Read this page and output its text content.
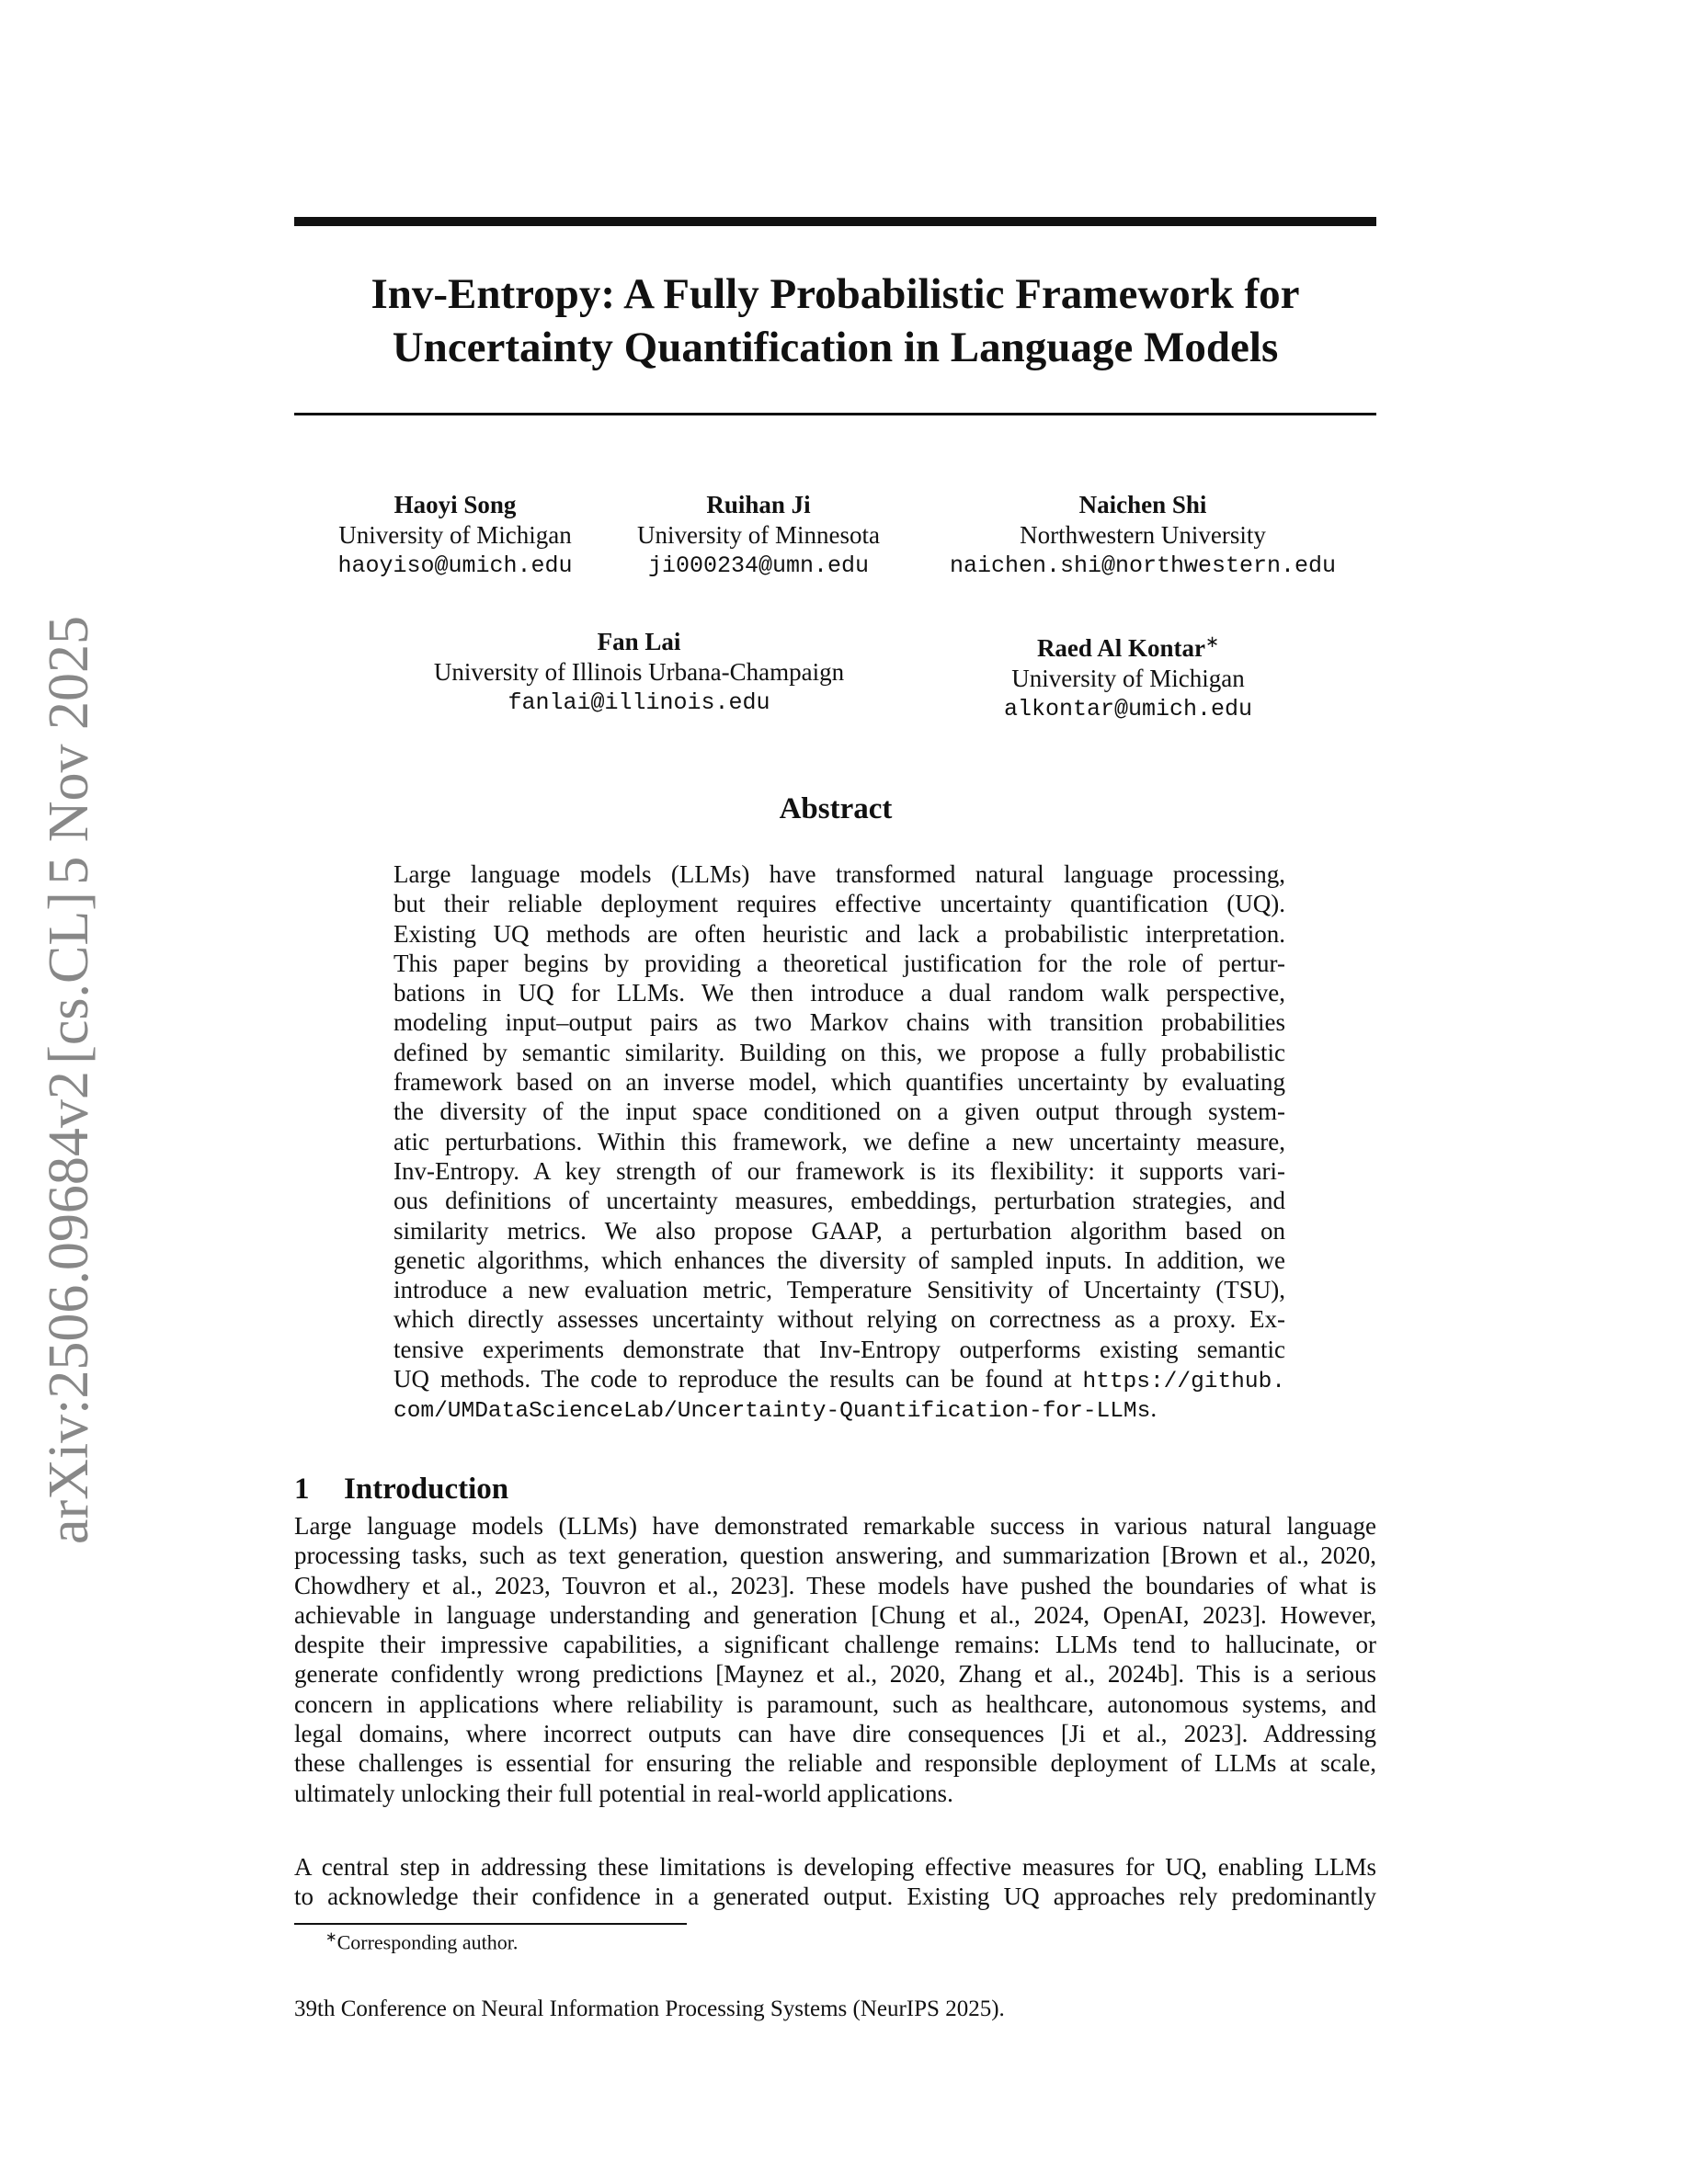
arXiv:2506.09684v2
[cs.CL]
5 Nov 2025
Inv-Entropy: A Fully Probabilistic Framework for
Uncertainty Quantification in Language Models
Haoyi Song
University of Michigan
haoyiso@umich.edu
Ruihan Ji
University of Minnesota
ji000234@umn.edu
Naichen Shi
Northwestern University
naichen.shi@northwestern.edu
Fan Lai
University of Illinois Urbana-Champaign
fanlai@illinois.edu
Raed Al Kontar∗
University of Michigan
alkontar@umich.edu
Abstract
Large language models (LLMs) have transformed natural language processing,
but their reliable deployment requires effective uncertainty quantification (UQ).
Existing UQ methods are often heuristic and lack a probabilistic interpretation.
This paper begins by providing a theoretical justification for the role of pertur-
bations in UQ for LLMs. We then introduce a dual random walk perspective,
modeling input–output pairs as two Markov chains with transition probabilities
defined by semantic similarity. Building on this, we propose a fully probabilistic
framework based on an inverse model, which quantifies uncertainty by evaluating
the diversity of the input space conditioned on a given output through system-
atic perturbations. Within this framework, we define a new uncertainty measure,
Inv-Entropy. A key strength of our framework is its flexibility: it supports vari-
ous definitions of uncertainty measures, embeddings, perturbation strategies, and
similarity metrics. We also propose GAAP, a perturbation algorithm based on
genetic algorithms, which enhances the diversity of sampled inputs. In addition, we
introduce a new evaluation metric, Temperature Sensitivity of Uncertainty (TSU),
which directly assesses uncertainty without relying on correctness as a proxy. Ex-
tensive experiments demonstrate that Inv-Entropy outperforms existing semantic
UQ methods. The code to reproduce the results can be found at https://github.
com/UMDataScienceLab/Uncertainty-Quantification-for-LLMs.
1 Introduction
Large language models (LLMs) have demonstrated remarkable success in various natural language
processing tasks, such as text generation, question answering, and summarization [Brown et al., 2020,
Chowdhery et al., 2023, Touvron et al., 2023]. These models have pushed the boundaries of what is
achievable in language understanding and generation [Chung et al., 2024, OpenAI, 2023]. However,
despite their impressive capabilities, a significant challenge remains: LLMs tend to hallucinate, or
generate confidently wrong predictions [Maynez et al., 2020, Zhang et al., 2024b]. This is a serious
concern in applications where reliability is paramount, such as healthcare, autonomous systems, and
legal domains, where incorrect outputs can have dire consequences [Ji et al., 2023]. Addressing
these challenges is essential for ensuring the reliable and responsible deployment of LLMs at scale,
ultimately unlocking their full potential in real-world applications.
A central step in addressing these limitations is developing effective measures for UQ, enabling LLMs
to acknowledge their confidence in a generated output. Existing UQ approaches rely predominantly
∗Corresponding author.
39th Conference on Neural Information Processing Systems (NeurIPS 2025).
